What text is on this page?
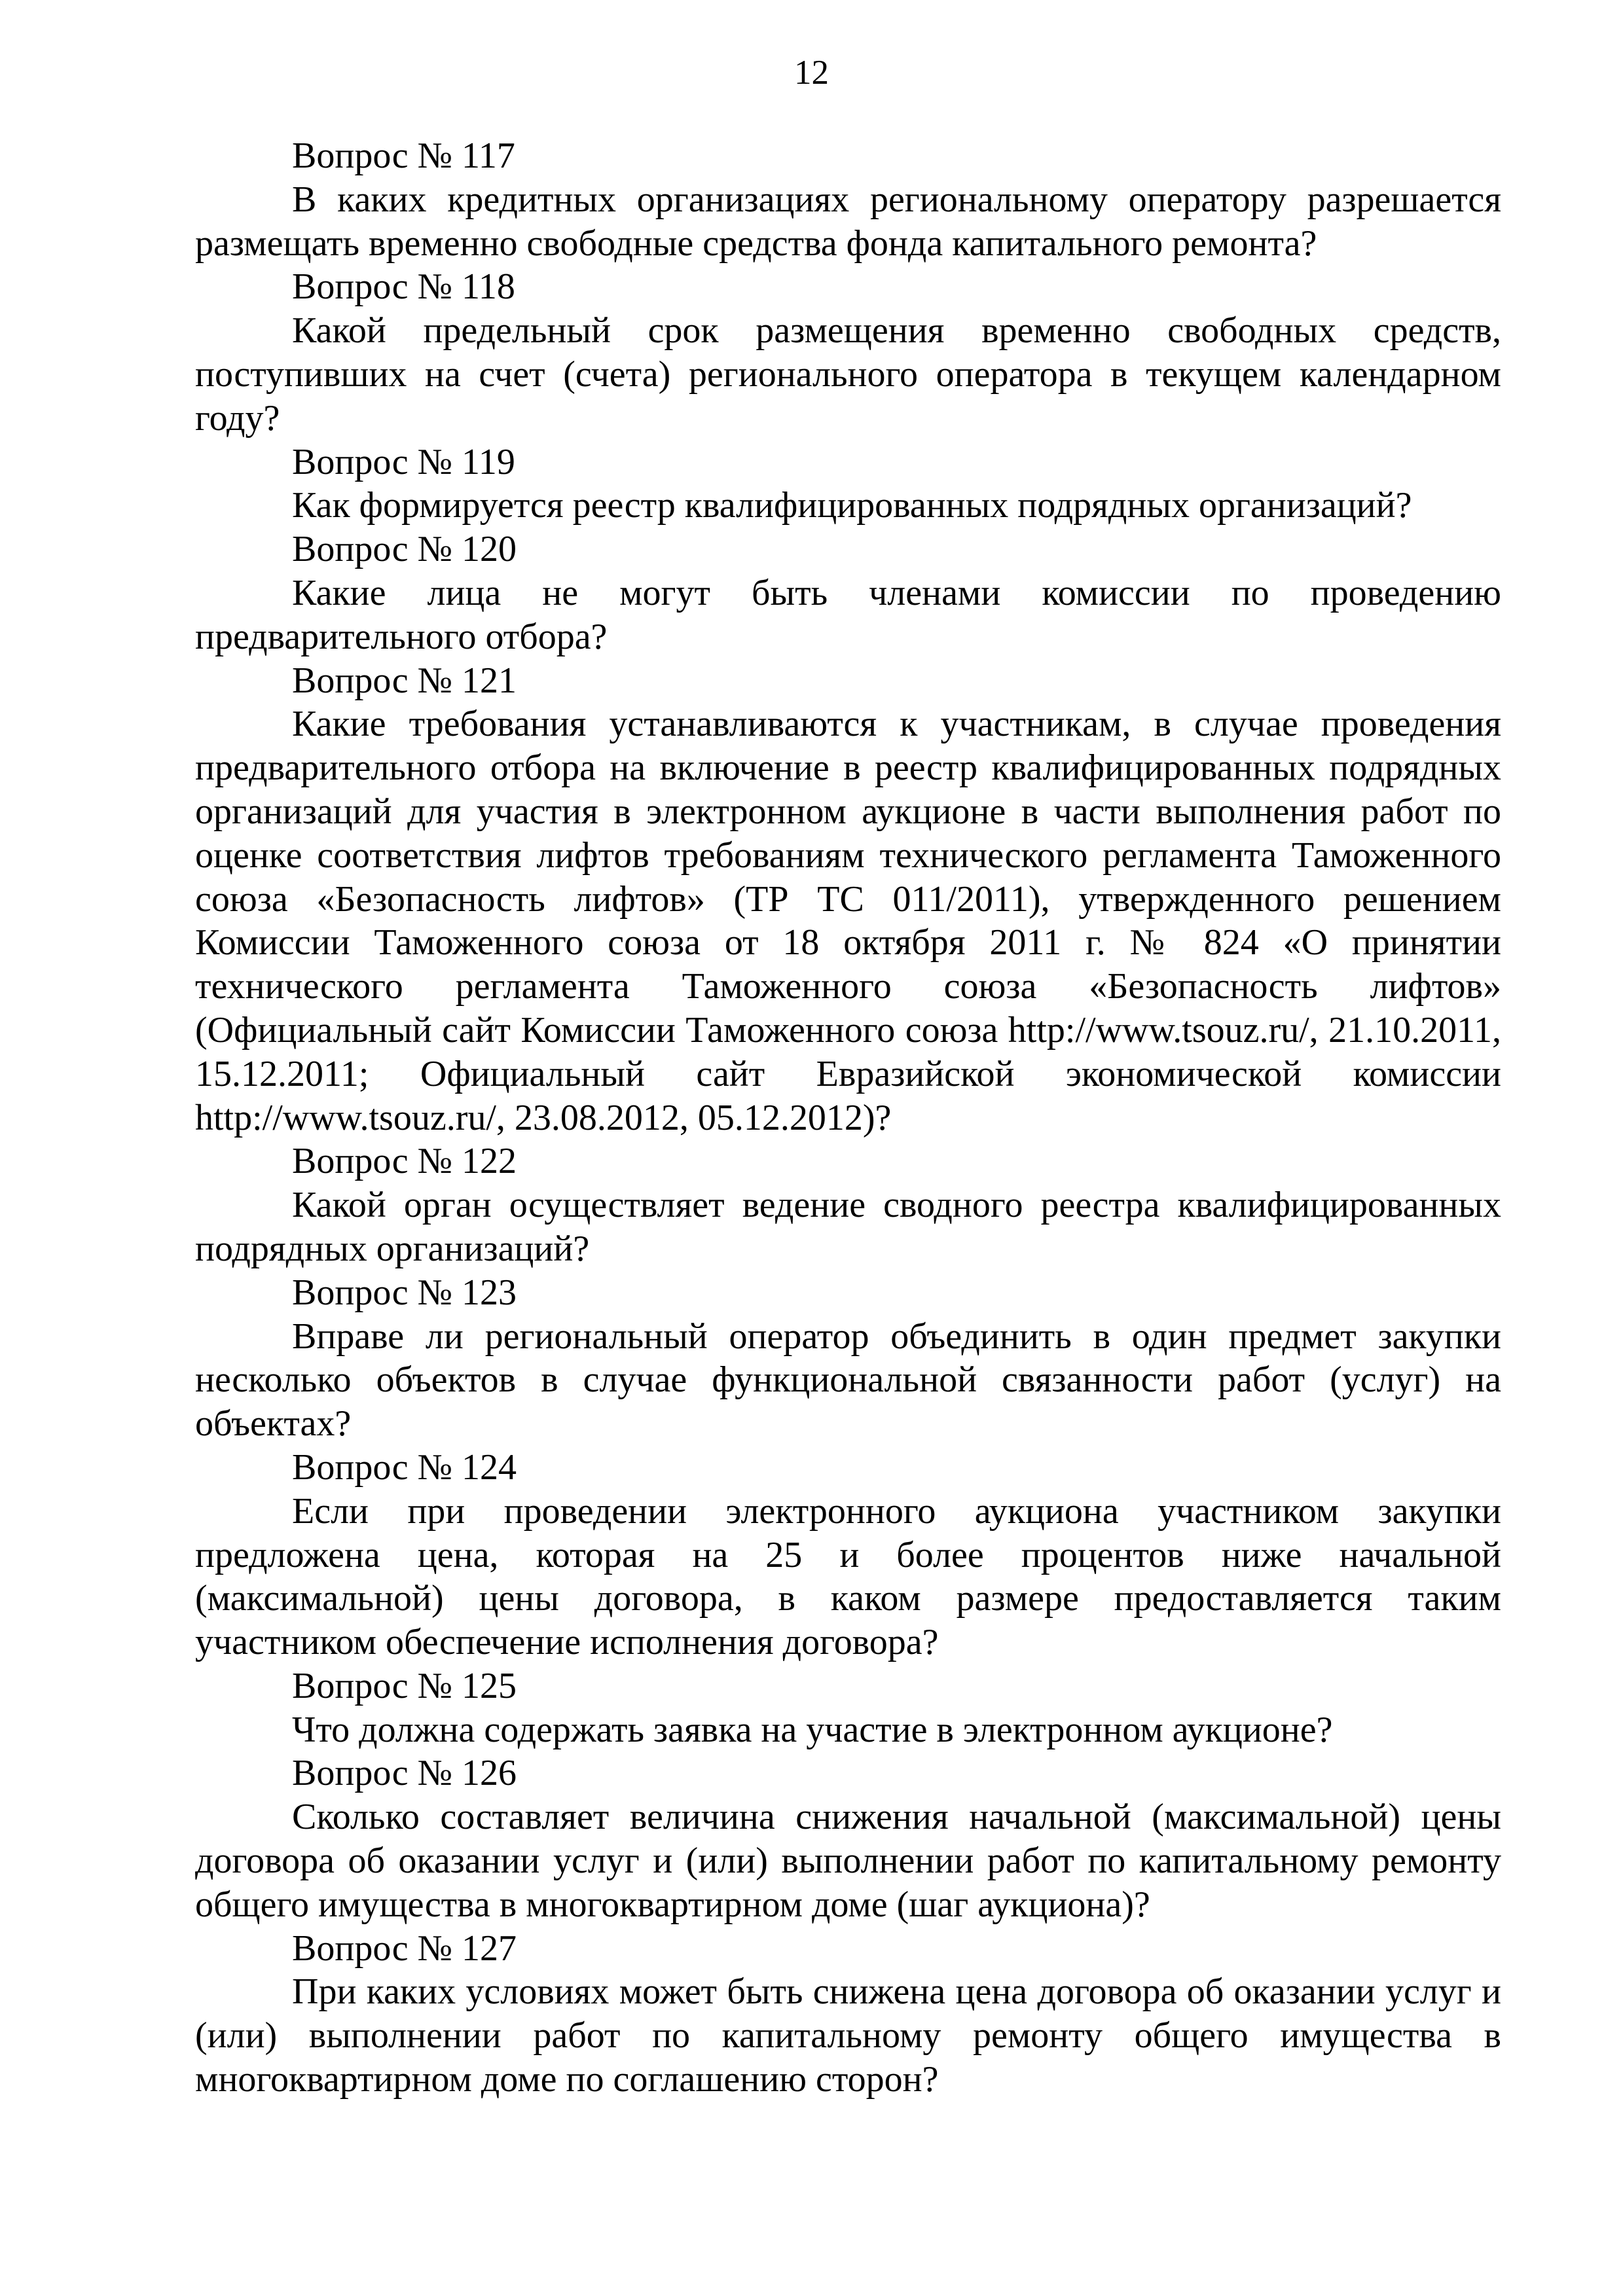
12

Вопрос № 117

В каких кредитных организациях региональному оператору разрешается размещать временно свободные средства фонда капитального ремонта?

Вопрос № 118

Какой предельный срок размещения временно свободных средств, поступивших на счет (счета) регионального оператора в текущем календарном году?

Вопрос № 119

Как формируется реестр квалифицированных подрядных организаций?

Вопрос № 120

Какие лица не могут быть членами комиссии по проведению предварительного отбора?

Вопрос № 121

Какие требования устанавливаются к участникам, в случае проведения предварительного отбора на включение в реестр квалифицированных подрядных организаций для участия в электронном аукционе в части выполнения работ по оценке соответствия лифтов требованиям технического регламента Таможенного союза «Безопасность лифтов» (ТР ТС 011/2011), утвержденного решением Комиссии Таможенного союза от 18 октября 2011 г. № 824 «О принятии технического регламента Таможенного союза «Безопасность лифтов» (Официальный сайт Комиссии Таможенного союза http://www.tsouz.ru/, 21.10.2011, 15.12.2011; Официальный сайт Евразийской экономической комиссии http://www.tsouz.ru/, 23.08.2012, 05.12.2012)?

Вопрос № 122

Какой орган осуществляет ведение сводного реестра квалифицированных подрядных организаций?

Вопрос № 123

Вправе ли региональный оператор объединить в один предмет закупки несколько объектов в случае функциональной связанности работ (услуг) на объектах?

Вопрос № 124

Если при проведении электронного аукциона участником закупки предложена цена, которая на 25 и более процентов ниже начальной (максимальной) цены договора, в каком размере предоставляется таким участником обеспечение исполнения договора?

Вопрос № 125

Что должна содержать заявка на участие в электронном аукционе?

Вопрос № 126

Сколько составляет величина снижения начальной (максимальной) цены договора об оказании услуг и (или) выполнении работ по капитальному ремонту общего имущества в многоквартирном доме (шаг аукциона)?

Вопрос № 127

При каких условиях может быть снижена цена договора об оказании услуг и (или) выполнении работ по капитальному ремонту общего имущества в многоквартирном доме по соглашению сторон?
